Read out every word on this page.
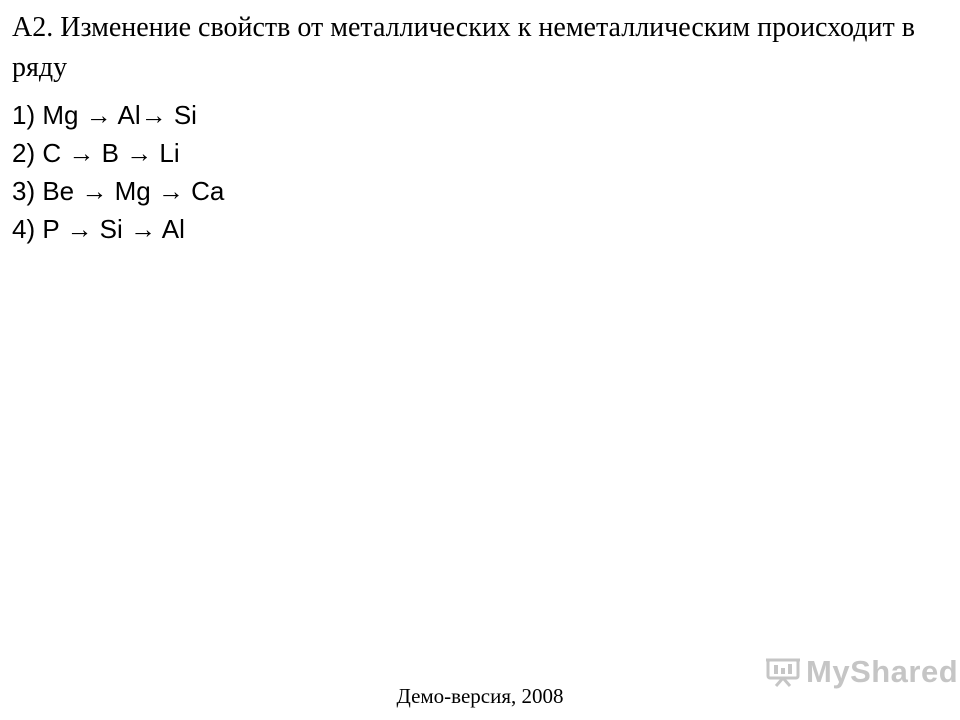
А2. Изменение свойств от металлических к неметаллическим происходит в ряду

1) Mg → Al→ Si
2) C → B → Li
3) Be → Mg → Ca
4) P → Si → Al
MyShared
Демо-версия, 2008
